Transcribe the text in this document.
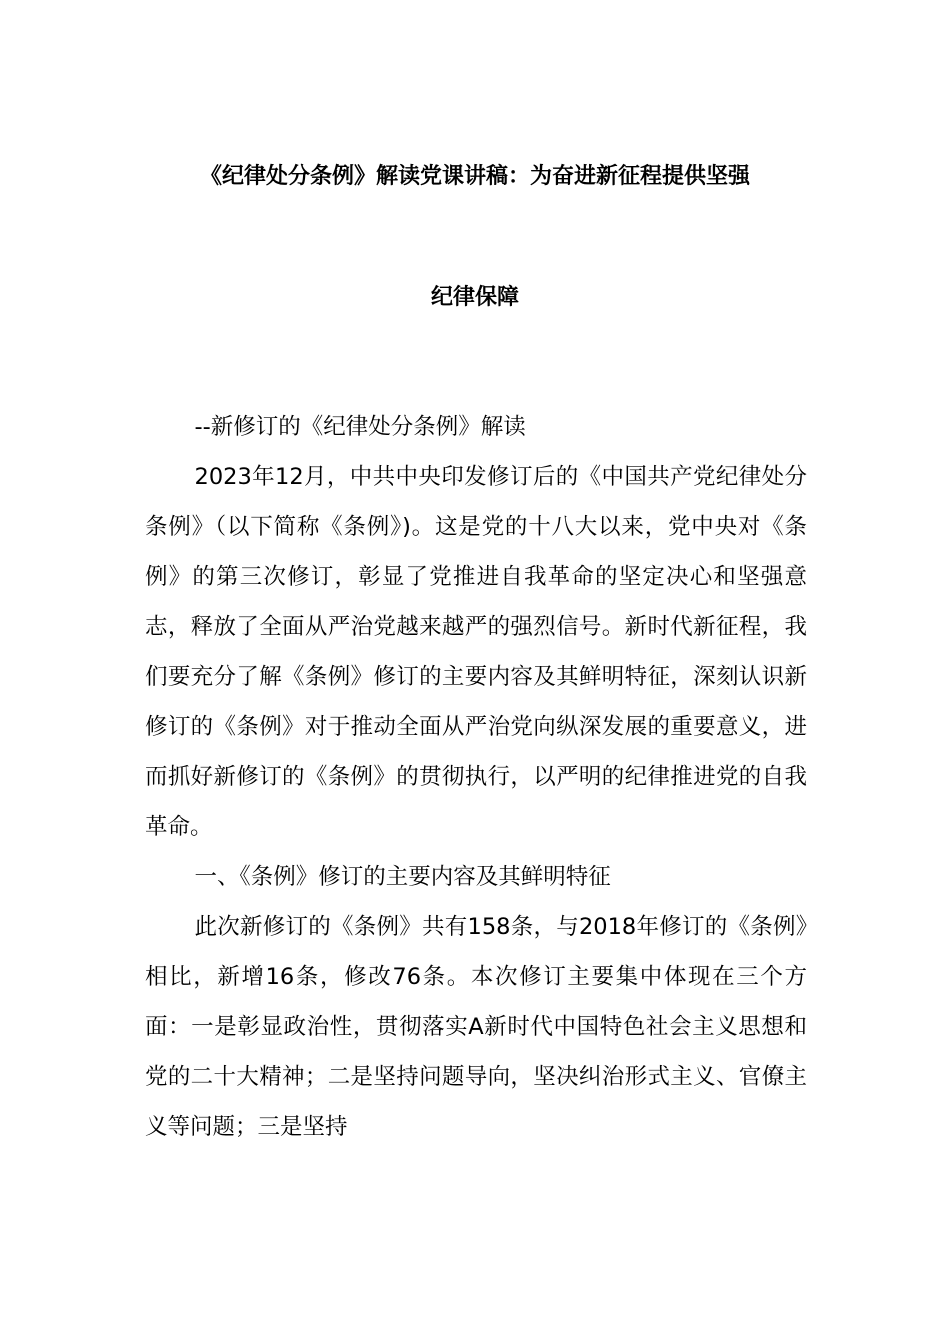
《纪律处分条例》解读党课讲稿：为奋进新征程提供坚强
纪律保障

--新修订的《纪律处分条例》解读

2023年12月，中共中央印发修订后的《中国共产党纪律处分条例》（以下简称《条例》)。这是党的十八大以来，党中央对《条例》的第三次修订，彰显了党推进自我革命的坚定决心和坚强意志，释放了全面从严治党越来越严的强烈信号。新时代新征程，我们要充分了解《条例》修订的主要内容及其鲜明特征，深刻认识新修订的《条例》对于推动全面从严治党向纵深发展的重要意义，进而抓好新修订的《条例》的贯彻执行，以严明的纪律推进党的自我革命。

一、《条例》修订的主要内容及其鲜明特征

此次新修订的《条例》共有158条，与2018年修订的《条例》相比，新增16条，修改76条。本次修订主要集中体现在三个方面：一是彰显政治性，贯彻落实A新时代中国特色社会主义思想和党的二十大精神；二是坚持问题导向，坚决纠治形式主义、官僚主义等问题；三是坚持
